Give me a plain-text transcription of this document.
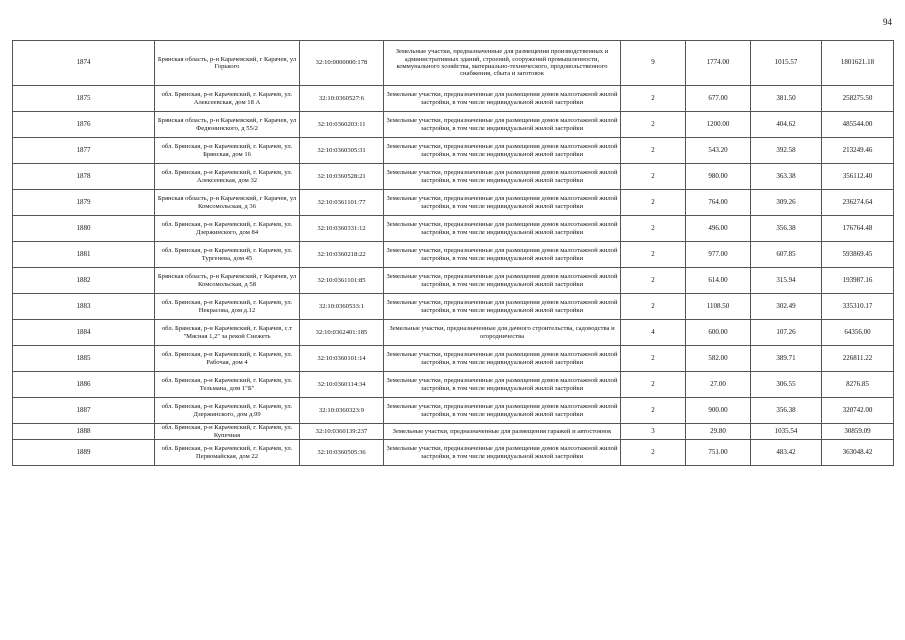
94
1874	Брянская область, р-н Карачевский, г Карачев, ул Горького	32:10:0000000:178	Земельные участки, предназначенные для размещения производственных и административных зданий, строений, сооружений промышленности, коммунального хозяйства, материально-технического, продовольственного снабжения, сбыта и заготовок	9	1774.00	1015.57	1801621.18
1875	обл. Брянская, р-н Карачевский, г. Карачев, ул. Алексеевская, дом 18 А	32:10:0360527:6	Земельные участки, предназначенные для размещения домов малоэтажной жилой застройки, в том числе индивидуальной жилой застройки	2	677.00	381.50	258275.50
1876	Брянская область, р-н Карачевский, г Карачев, ул Федюнинского, д 55/2	32:10:0360203:11	Земельные участки, предназначенные для размещения домов малоэтажной жилой застройки, в том числе индивидуальной жилой застройки	2	1200.00	404.62	485544.00
1877	обл. Брянская, р-н Карачевский, г. Карачев, ул. Брянская, дом 16	32:10:0360305:31	Земельные участки, предназначенные для размещения домов малоэтажной жилой застройки, в том числе индивидуальной жилой застройки	2	543.20	392.58	213249.46
1878	обл. Брянская, р-н Карачевский, г. Карачев, ул. Алексеевская, дом 32	32:10:0360528:21	Земельные участки, предназначенные для размещения домов малоэтажной жилой застройки, в том числе индивидуальной жилой застройки	2	980.00	363.38	356112.40
1879	Брянская область, р-н Карачевский, г Карачев, ул Комсомольская, д 36	32:10:0361101:77	Земельные участки, предназначенные для размещения домов малоэтажной жилой застройки, в том числе индивидуальной жилой застройки	2	764.00	309.26	236274.64
1880	обл. Брянская, р-н Карачевский, г. Карачев, ул. Дзержинского, дом 84	32:10:0360331:12	Земельные участки, предназначенные для размещения домов малоэтажной жилой застройки, в том числе индивидуальной жилой застройки	2	496.00	356.38	176764.48
1881	обл. Брянская, р-н Карачевский, г. Карачев, ул. Тургенева, дом 45	32:10:0360218:22	Земельные участки, предназначенные для размещения домов малоэтажной жилой застройки, в том числе индивидуальной жилой застройки	2	977.00	607.85	593869.45
1882	Брянская область, р-н Карачевский, г Карачев, ул Комсомольская, д 58	32:10:0361101:85	Земельные участки, предназначенные для размещения домов малоэтажной жилой застройки, в том числе индивидуальной жилой застройки	2	614.00	315.94	193987.16
1883	обл. Брянская, р-н Карачевский, г. Карачев, ул. Некрасова, дом д.12	32:10:0360533:1	Земельные участки, предназначенные для размещения домов малоэтажной жилой застройки, в том числе индивидуальной жилой застройки	2	1108.50	302.49	335310.17
1884	обл. Брянская, р-н Карачевский, г. Карачев, с.т "Мясная 1,2" за рекой Снежеть	32:10:0362401:185	Земельные участки, предназначенные для дачного строительства, садоводства и огородничества	4	600.00	107.26	64356.00
1885	обл. Брянская, р-н Карачевский, г. Карачев, ул. Рабочая, дом 4	32:10:0360101:14	Земельные участки, предназначенные для размещения домов малоэтажной жилой застройки, в том числе индивидуальной жилой застройки	2	582.00	389.71	226811.22
1886	обл. Брянская, р-н Карачевский, г. Карачев, ул. Тельмана, дом 1"Б"	32:10:0360114:34	Земельные участки, предназначенные для размещения домов малоэтажной жилой застройки, в том числе индивидуальной жилой застройки	2	27.00	306.55	8276.85
1887	обл. Брянская, р-н Карачевский, г. Карачев, ул. Дзержинского, дом д.99	32:10:0360323:9	Земельные участки, предназначенные для размещения домов малоэтажной жилой застройки, в том числе индивидуальной жилой застройки	2	900.00	356.38	320742.00
1888	обл. Брянская, р-н Карачевский, г. Карачев, ул. Купечная	32:10:0360139:237	Земельные участки, предназначенные для размещения гаражей и автостоянок	3	29.80	1035.54	30859.09
1889	обл. Брянская, р-н Карачевский, г. Карачев, ул. Первомайская, дом 22	32:10:0360505:36	Земельные участки, предназначенные для размещения домов малоэтажной жилой застройки, в том числе индивидуальной жилой застройки	2	751.00	483.42	363048.42
